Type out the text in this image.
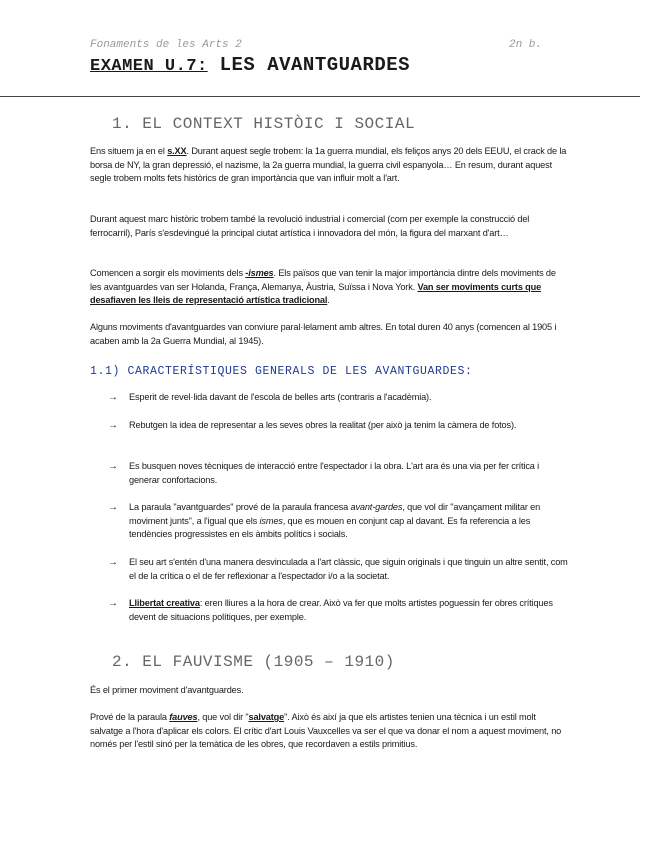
Fonaments de les Arts 2	2n b.
EXAMEN U.7: LES AVANTGUARDES
1. EL CONTEXT HISTÒIC I SOCIAL

Ens situem ja en el s.XX. Durant aquest segle trobem: la 1a guerra mundial, els feliços anys 20 dels EEUU, el crack de la borsa de NY, la gran depressió, el nazisme, la 2a guerra mundial, la guerra civil espanyola… En resum, durant aquest segle trobem molts fets històrics de gran importància que van influir molt a l'art.

Durant aquest marc històric trobem també la revolució industrial i comercial (com per exemple la construcció del ferrocarril), París s'esdevingué la principal ciutat artística i innovadora del món, la figura del marxant d'art…

Comencen a sorgir els moviments dels -ismes. Els països que van tenir la major importància dintre dels moviments de les avantguardes van ser Holanda, França, Alemanya, Àustria, Suïssa i Nova York. Van ser moviments curts que desafiaven les lleis de representació artística tradicional.

Alguns moviments d'avantguardes van conviure paral·lelament amb altres. En total duren 40 anys (comencen al 1905 i acaben amb la 2a Guerra Mundial, al 1945).

1.1) CARACTERÍSTIQUES GENERALS DE LES AVANTGUARDES:
→	Esperit de revel·lida davant de l'escola de belles arts (contraris a l'acadèmia).
→	Rebutgen la idea de representar a les seves obres la realitat (per això ja tenim la càmera de fotos).
→	Es busquen noves tècniques de interacció entre l'espectador i la obra. L'art ara és una via per fer crítica i generar confortacions.
→	La paraula "avantguardes" prové de la paraula francesa avant-gardes, que vol dir "avançament militar en moviment junts", a l'igual que els ismes, que es mouen en conjunt cap al davant. Es fa referencia a les tendències progressistes en els àmbits polítics i socials.
→	El seu art s'entén d'una manera desvinculada a l'art clàssic, que siguin originals i que tinguin un altre sentit, com el de la crítica o el de fer reflexionar a l'espectador i/o a la societat.
→	Llibertat creativa: eren lliures a la hora de crear. Això va fer que molts artistes poguessin fer obres crítiques devent de situacions polítiques, per exemple.
2. EL FAUVISME (1905 – 1910)

És el primer moviment d'avantguardes.

Prové de la paraula fauves, que vol dir "salvatge". Això és així ja que els artistes tenien una tècnica i un estil molt salvatge a l'hora d'aplicar els colors. El crític d'art Louis Vauxcelles va ser el que va donar el nom a aquest moviment, no només per l'estil sinó per la temàtica de les obres, que recordaven a estils primitius.
